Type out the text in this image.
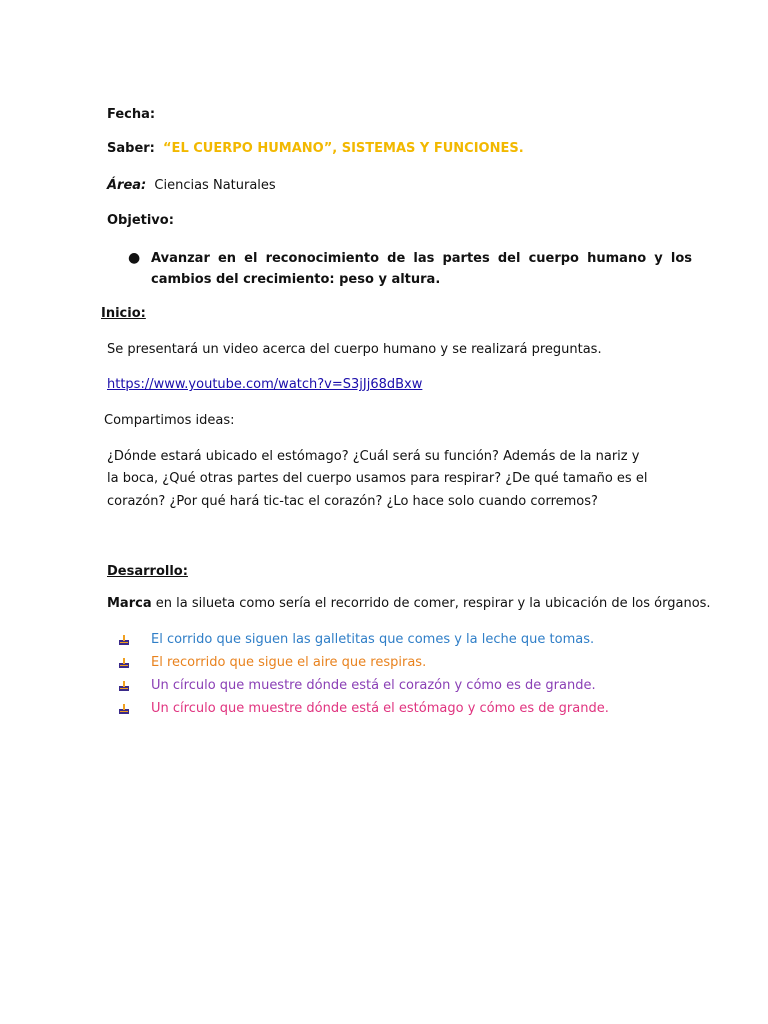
Fecha:
Saber: “EL CUERPO HUMANO”, SISTEMAS Y FUNCIONES.
Área: Ciencias Naturales
Objetivo:
● Avanzar en el reconocimiento de las partes del cuerpo humano y los cambios del crecimiento: peso y altura.
Inicio:
Se presentará un video acerca del cuerpo humano y se realizará preguntas.
https://www.youtube.com/watch?v=S3jJj68dBxw
Compartimos ideas:
¿Dónde estará ubicado el estómago? ¿Cuál será su función? Además de la nariz y
la boca, ¿Qué otras partes del cuerpo usamos para respirar? ¿De qué tamaño es el
corazón? ¿Por qué hará tic-tac el corazón? ¿Lo hace solo cuando corremos?
Desarrollo:
Marca en la silueta como sería el recorrido de comer, respirar y la ubicación de los órganos.
El corrido que siguen las galletitas que comes y la leche que tomas.
El recorrido que sigue el aire que respiras.
Un círculo que muestre dónde está el corazón y cómo es de grande.
Un círculo que muestre dónde está el estómago y cómo es de grande.
